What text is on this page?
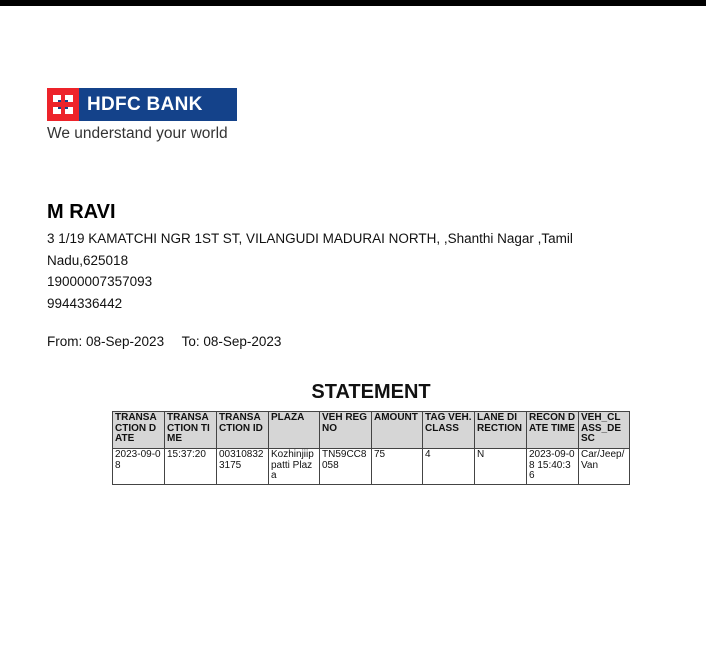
HDFC BANK
We understand your world
M RAVI
3 1/19 KAMATCHI NGR 1ST ST, VILANGUDI MADURAI NORTH, ,Shanthi Nagar ,Tamil
Nadu,625018
19000007357093
9944336442
From: 08-Sep-2023 To: 08-Sep-2023
STATEMENT
TRANSACTION DATE	TRANSACTION TIME	TRANSACTION ID	PLAZA	VEH REG NO	AMOUNT	TAG VEH.CLASS	LANE DIRECTION	RECON DATE TIME	VEH_CLASS_DESC
2023-09-08	15:37:20	003108323175	Kozhinjiippatti Plaza	TN59CC8058	75	4	N	2023-09-08 15:40:36	Car/Jeep/Van
